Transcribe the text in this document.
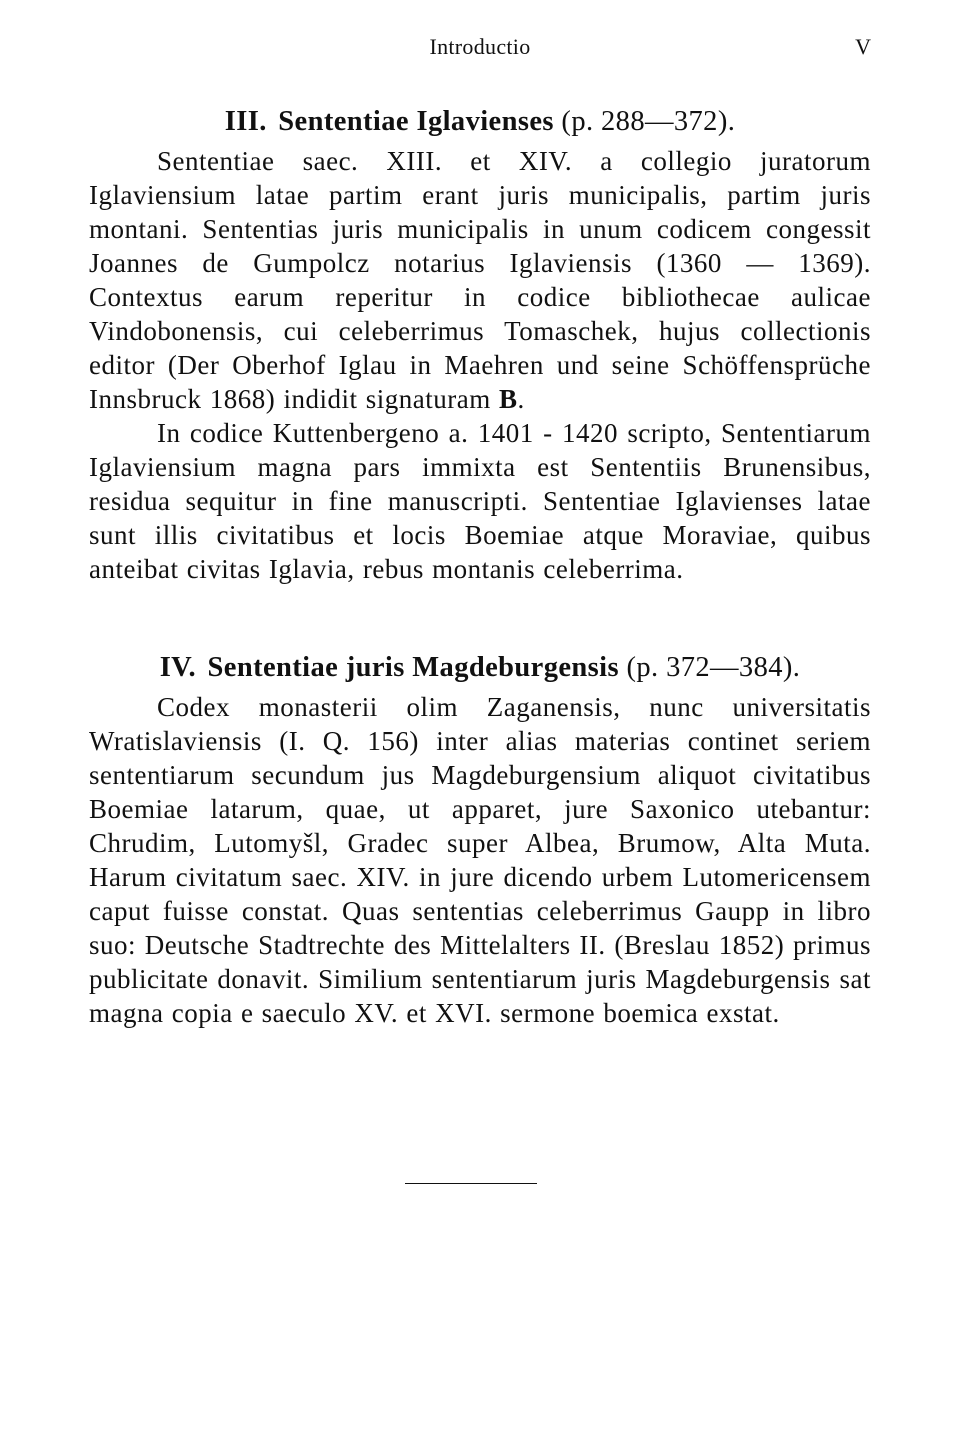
Introductio	V
III. Sententiae Iglavienses (p. 288—372).

Sententiae saec. XIII. et XIV. a collegio juratorum Iglaviensium latae partim erant juris municipalis, partim juris montani. Sententias juris municipalis in unum codicem congessit Joannes de Gumpolcz notarius Iglaviensis (1360 — 1369). Contextus earum reperitur in codice bibliothecae aulicae Vindobonensis, cui celeberrimus Tomaschek, hujus collectionis editor (Der Oberhof Iglau in Maehren und seine Schöffensprüche Innsbruck 1868) indidit signaturam B.

In codice Kuttenbergeno a. 1401 - 1420 scripto, Sententiarum Iglaviensium magna pars immixta est Sententiis Brunensibus, residua sequitur in fine manuscripti. Sententiae Iglavienses latae sunt illis civitatibus et locis Boemiae atque Moraviae, quibus anteibat civitas Iglavia, rebus montanis celeberrima.

IV. Sententiae juris Magdeburgensis (p. 372—384).

Codex monasterii olim Zaganensis, nunc universitatis Wratislaviensis (I. Q. 156) inter alias materias continet seriem sententiarum secundum jus Magdeburgensium aliquot civitatibus Boemiae latarum, quae, ut apparet, jure Saxonico utebantur: Chrudim, Lutomyšl, Gradec super Albea, Brumow, Alta Muta. Harum civitatum saec. XIV. in jure dicendo urbem Lutomericensem caput fuisse constat. Quas sententias celeberrimus Gaupp in libro suo: Deutsche Stadtrechte des Mittelalters II. (Breslau 1852) primus publicitate donavit. Similium sententiarum juris Magdeburgensis sat magna copia e saeculo XV. et XVI. sermone boemica exstat.
